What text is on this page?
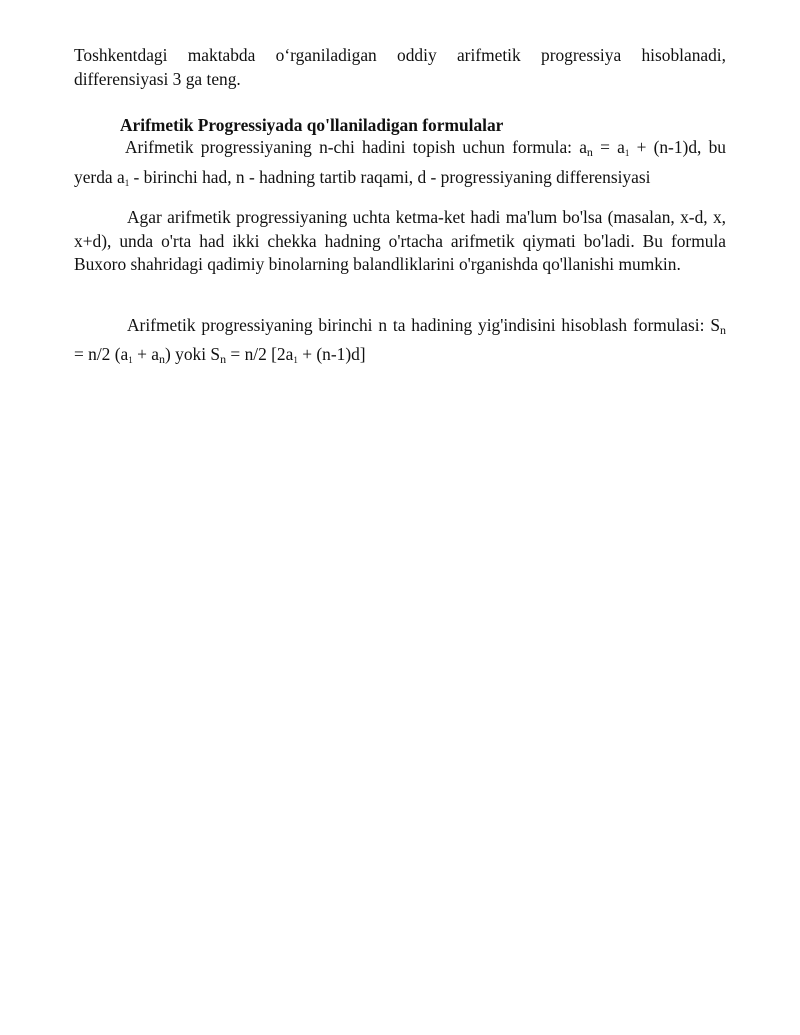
Toshkentdagi maktabda o‘rganiladigan oddiy arifmetik progressiya hisoblanadi, differensiyasi 3 ga teng.

Arifmetik Progressiyada qo'llaniladigan formulalar

Arifmetik progressiyaning n-chi hadini topish uchun formula: $a_n = a_1 + (n-1)d$, bu yerda $a_1$ - birinchi had, n - hadning tartib raqami, d - progressiyaning differensiyasi

Agar arifmetik progressiyaning uchta ketma-ket hadi ma'lum bo'lsa (masalan, x-d, x, x+d), unda o'rta had ikki chekka hadning o'rtacha arifmetik qiymati bo'ladi. Bu formula Buxoro shahridagi qadimiy binolarning balandliklarini o'rganishda qo'llanishi mumkin.

Arifmetik progressiyaning birinchi n ta hadining yig'indisini hisoblash formulasi: $S_n = n/2$ $(a_1 + a_n)$ yoki $S_n = n/2$ $[2a_1 + (n-1)d]$
